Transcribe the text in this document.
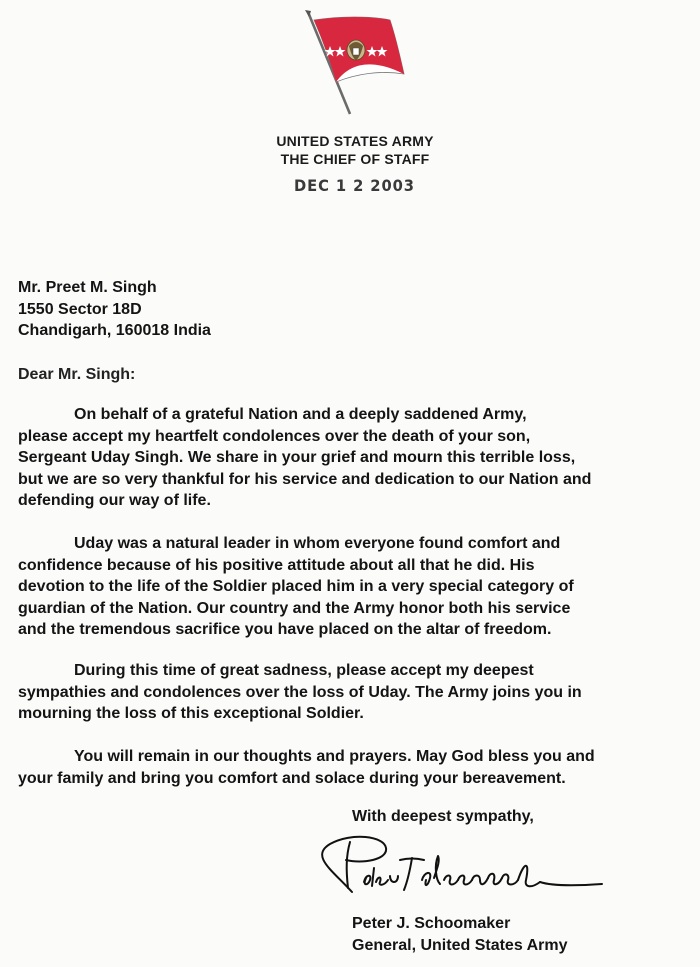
UNITED STATES ARMY
THE CHIEF OF STAFF
DEC 1 2 2003
Mr. Preet M. Singh
1550 Sector 18D
Chandigarh, 160018 India
Dear Mr. Singh:
On behalf of a grateful Nation and a deeply saddened Army,
please accept my heartfelt condolences over the death of your son,
Sergeant Uday Singh. We share in your grief and mourn this terrible loss,
but we are so very thankful for his service and dedication to our Nation and
defending our way of life.
Uday was a natural leader in whom everyone found comfort and
confidence because of his positive attitude about all that he did. His
devotion to the life of the Soldier placed him in a very special category of
guardian of the Nation. Our country and the Army honor both his service
and the tremendous sacrifice you have placed on the altar of freedom.
During this time of great sadness, please accept my deepest
sympathies and condolences over the loss of Uday. The Army joins you in
mourning the loss of this exceptional Soldier.
You will remain in our thoughts and prayers. May God bless you and
your family and bring you comfort and solace during your bereavement.
With deepest sympathy,
Peter J. Schoomaker
General, United States Army
